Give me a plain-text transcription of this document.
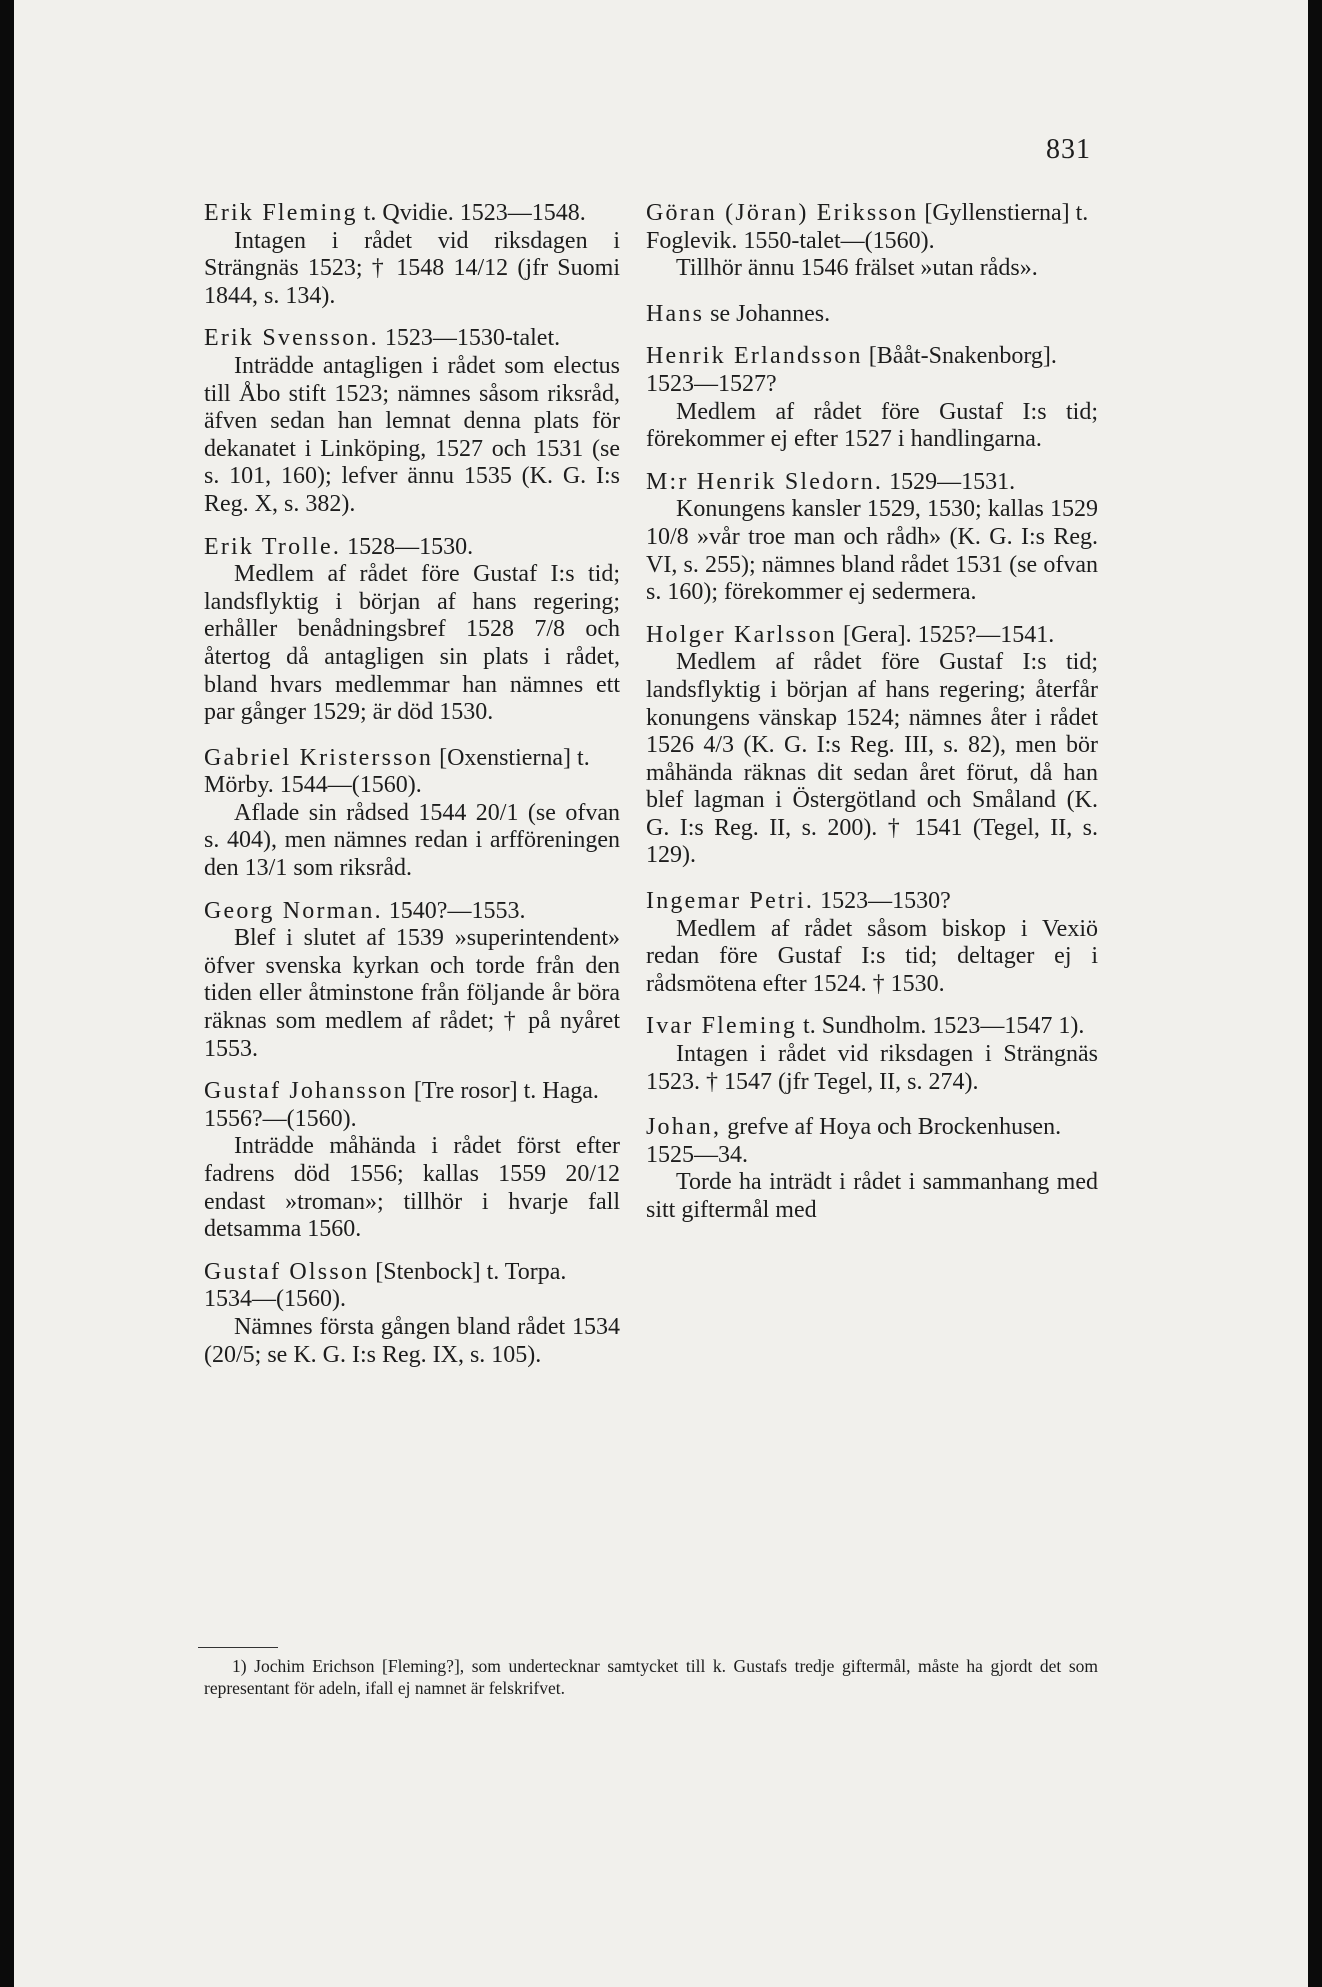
831

Erik Fleming t. Qvidie. 1523—1548.

Intagen i rådet vid riksdagen i Strängnäs 1523; † 1548 14/12 (jfr Suomi 1844, s. 134).

Erik Svensson. 1523—1530-talet.

Inträdde antagligen i rådet som electus till Åbo stift 1523; nämnes såsom riksråd, äfven sedan han lemnat denna plats för dekanatet i Linköping, 1527 och 1531 (se s. 101, 160); lefver ännu 1535 (K. G. I:s Reg. X, s. 382).

Erik Trolle. 1528—1530.

Medlem af rådet före Gustaf I:s tid; landsflyktig i början af hans regering; erhåller benådningsbref 1528 7/8 och återtog då antagligen sin plats i rådet, bland hvars medlemmar han nämnes ett par gånger 1529; är död 1530.

Gabriel Kristersson [Oxenstierna] t. Mörby. 1544—(1560).

Aflade sin rådsed 1544 20/1 (se ofvan s. 404), men nämnes redan i arfföreningen den 13/1 som riksråd.

Georg Norman. 1540?—1553.

Blef i slutet af 1539 »superintendent» öfver svenska kyrkan och torde från den tiden eller åtminstone från följande år böra räknas som medlem af rådet; † på nyåret 1553.

Gustaf Johansson [Tre rosor] t. Haga. 1556?—(1560).

Inträdde måhända i rådet först efter fadrens död 1556; kallas 1559 20/12 endast »troman»; tillhör i hvarje fall detsamma 1560.

Gustaf Olsson [Stenbock] t. Torpa. 1534—(1560).

Nämnes första gången bland rådet 1534 (20/5; se K. G. I:s Reg. IX, s. 105).

Göran (Jöran) Eriksson [Gyllenstierna] t. Foglevik. 1550-talet—(1560).

Tillhör ännu 1546 frälset »utan råds».

Hans se Johannes.

Henrik Erlandsson [Bååt-Snakenborg]. 1523—1527?

Medlem af rådet före Gustaf I:s tid; förekommer ej efter 1527 i handlingarna.

M:r Henrik Sledorn. 1529—1531.

Konungens kansler 1529, 1530; kallas 1529 10/8 »vår troe man och rådh» (K. G. I:s Reg. VI, s. 255); nämnes bland rådet 1531 (se ofvan s. 160); förekommer ej sedermera.

Holger Karlsson [Gera]. 1525?—1541.

Medlem af rådet före Gustaf I:s tid; landsflyktig i början af hans regering; återfår konungens vänskap 1524; nämnes åter i rådet 1526 4/3 (K. G. I:s Reg. III, s. 82), men bör måhända räknas dit sedan året förut, då han blef lagman i Östergötland och Småland (K. G. I:s Reg. II, s. 200). † 1541 (Tegel, II, s. 129).

Ingemar Petri. 1523—1530?

Medlem af rådet såsom biskop i Vexiö redan före Gustaf I:s tid; deltager ej i rådsmötena efter 1524. † 1530.

Ivar Fleming t. Sundholm. 1523—1547 1).

Intagen i rådet vid riksdagen i Strängnäs 1523. † 1547 (jfr Tegel, II, s. 274).

Johan, grefve af Hoya och Brockenhusen. 1525—34.

Torde ha inträdt i rådet i sammanhang med sitt giftermål med

1) Jochim Erichson [Fleming?], som undertecknar samtycket till k. Gustafs tredje giftermål, måste ha gjordt det som representant för adeln, ifall ej namnet är felskrifvet.
